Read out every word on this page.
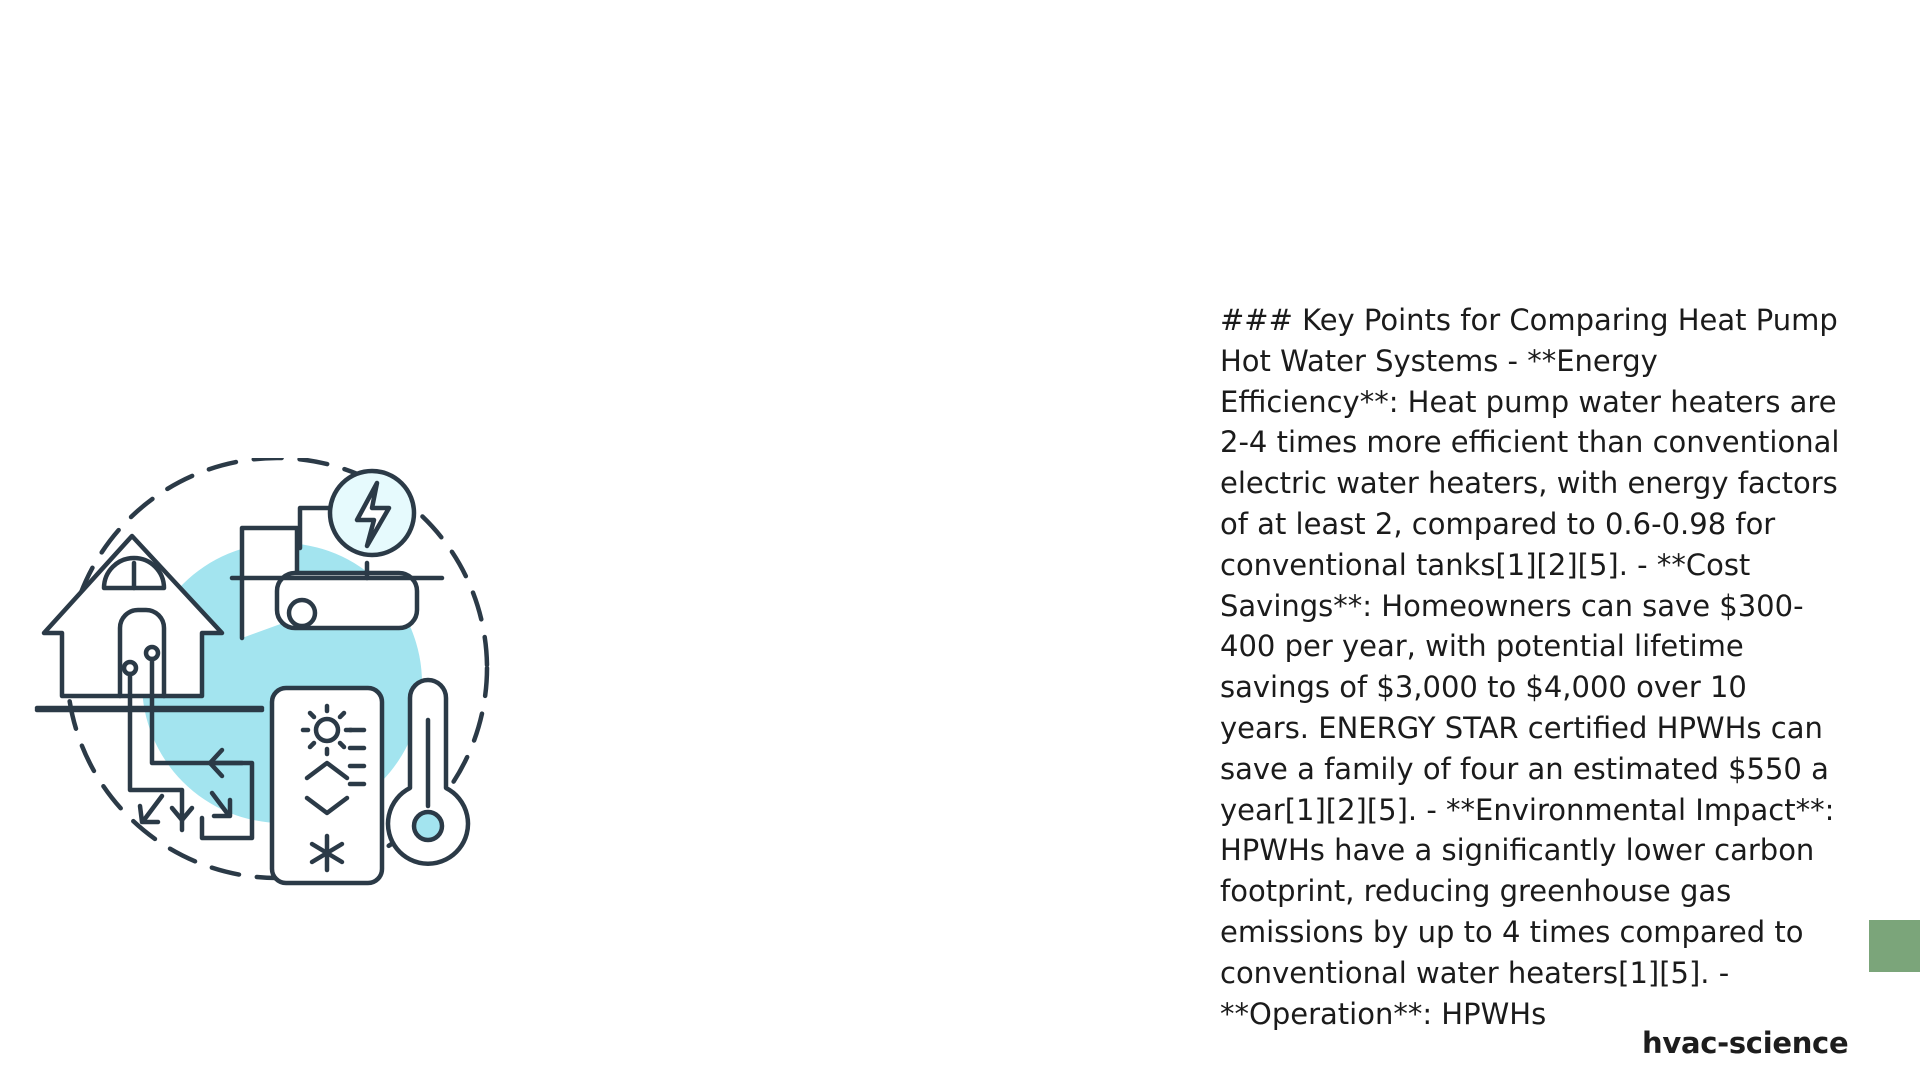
### Key Points for Comparing Heat Pump Hot Water Systems - **Energy Efficiency**: Heat pump water heaters are 2-4 times more efficient than conventional electric water heaters, with energy factors of at least 2, compared to 0.6-0.98 for conventional tanks[1][2][5]. - **Cost Savings**: Homeowners can save $300-400 per year, with potential lifetime savings of $3,000 to $4,000 over 10 years. ENERGY STAR certified HPWHs can save a family of four an estimated $550 a year[1][2][5]. - **Environmental Impact**: HPWHs have a significantly lower carbon footprint, reducing greenhouse gas emissions by up to 4 times compared to conventional water heaters[1][5]. - **Operation**: HPWHs

hvac-science
